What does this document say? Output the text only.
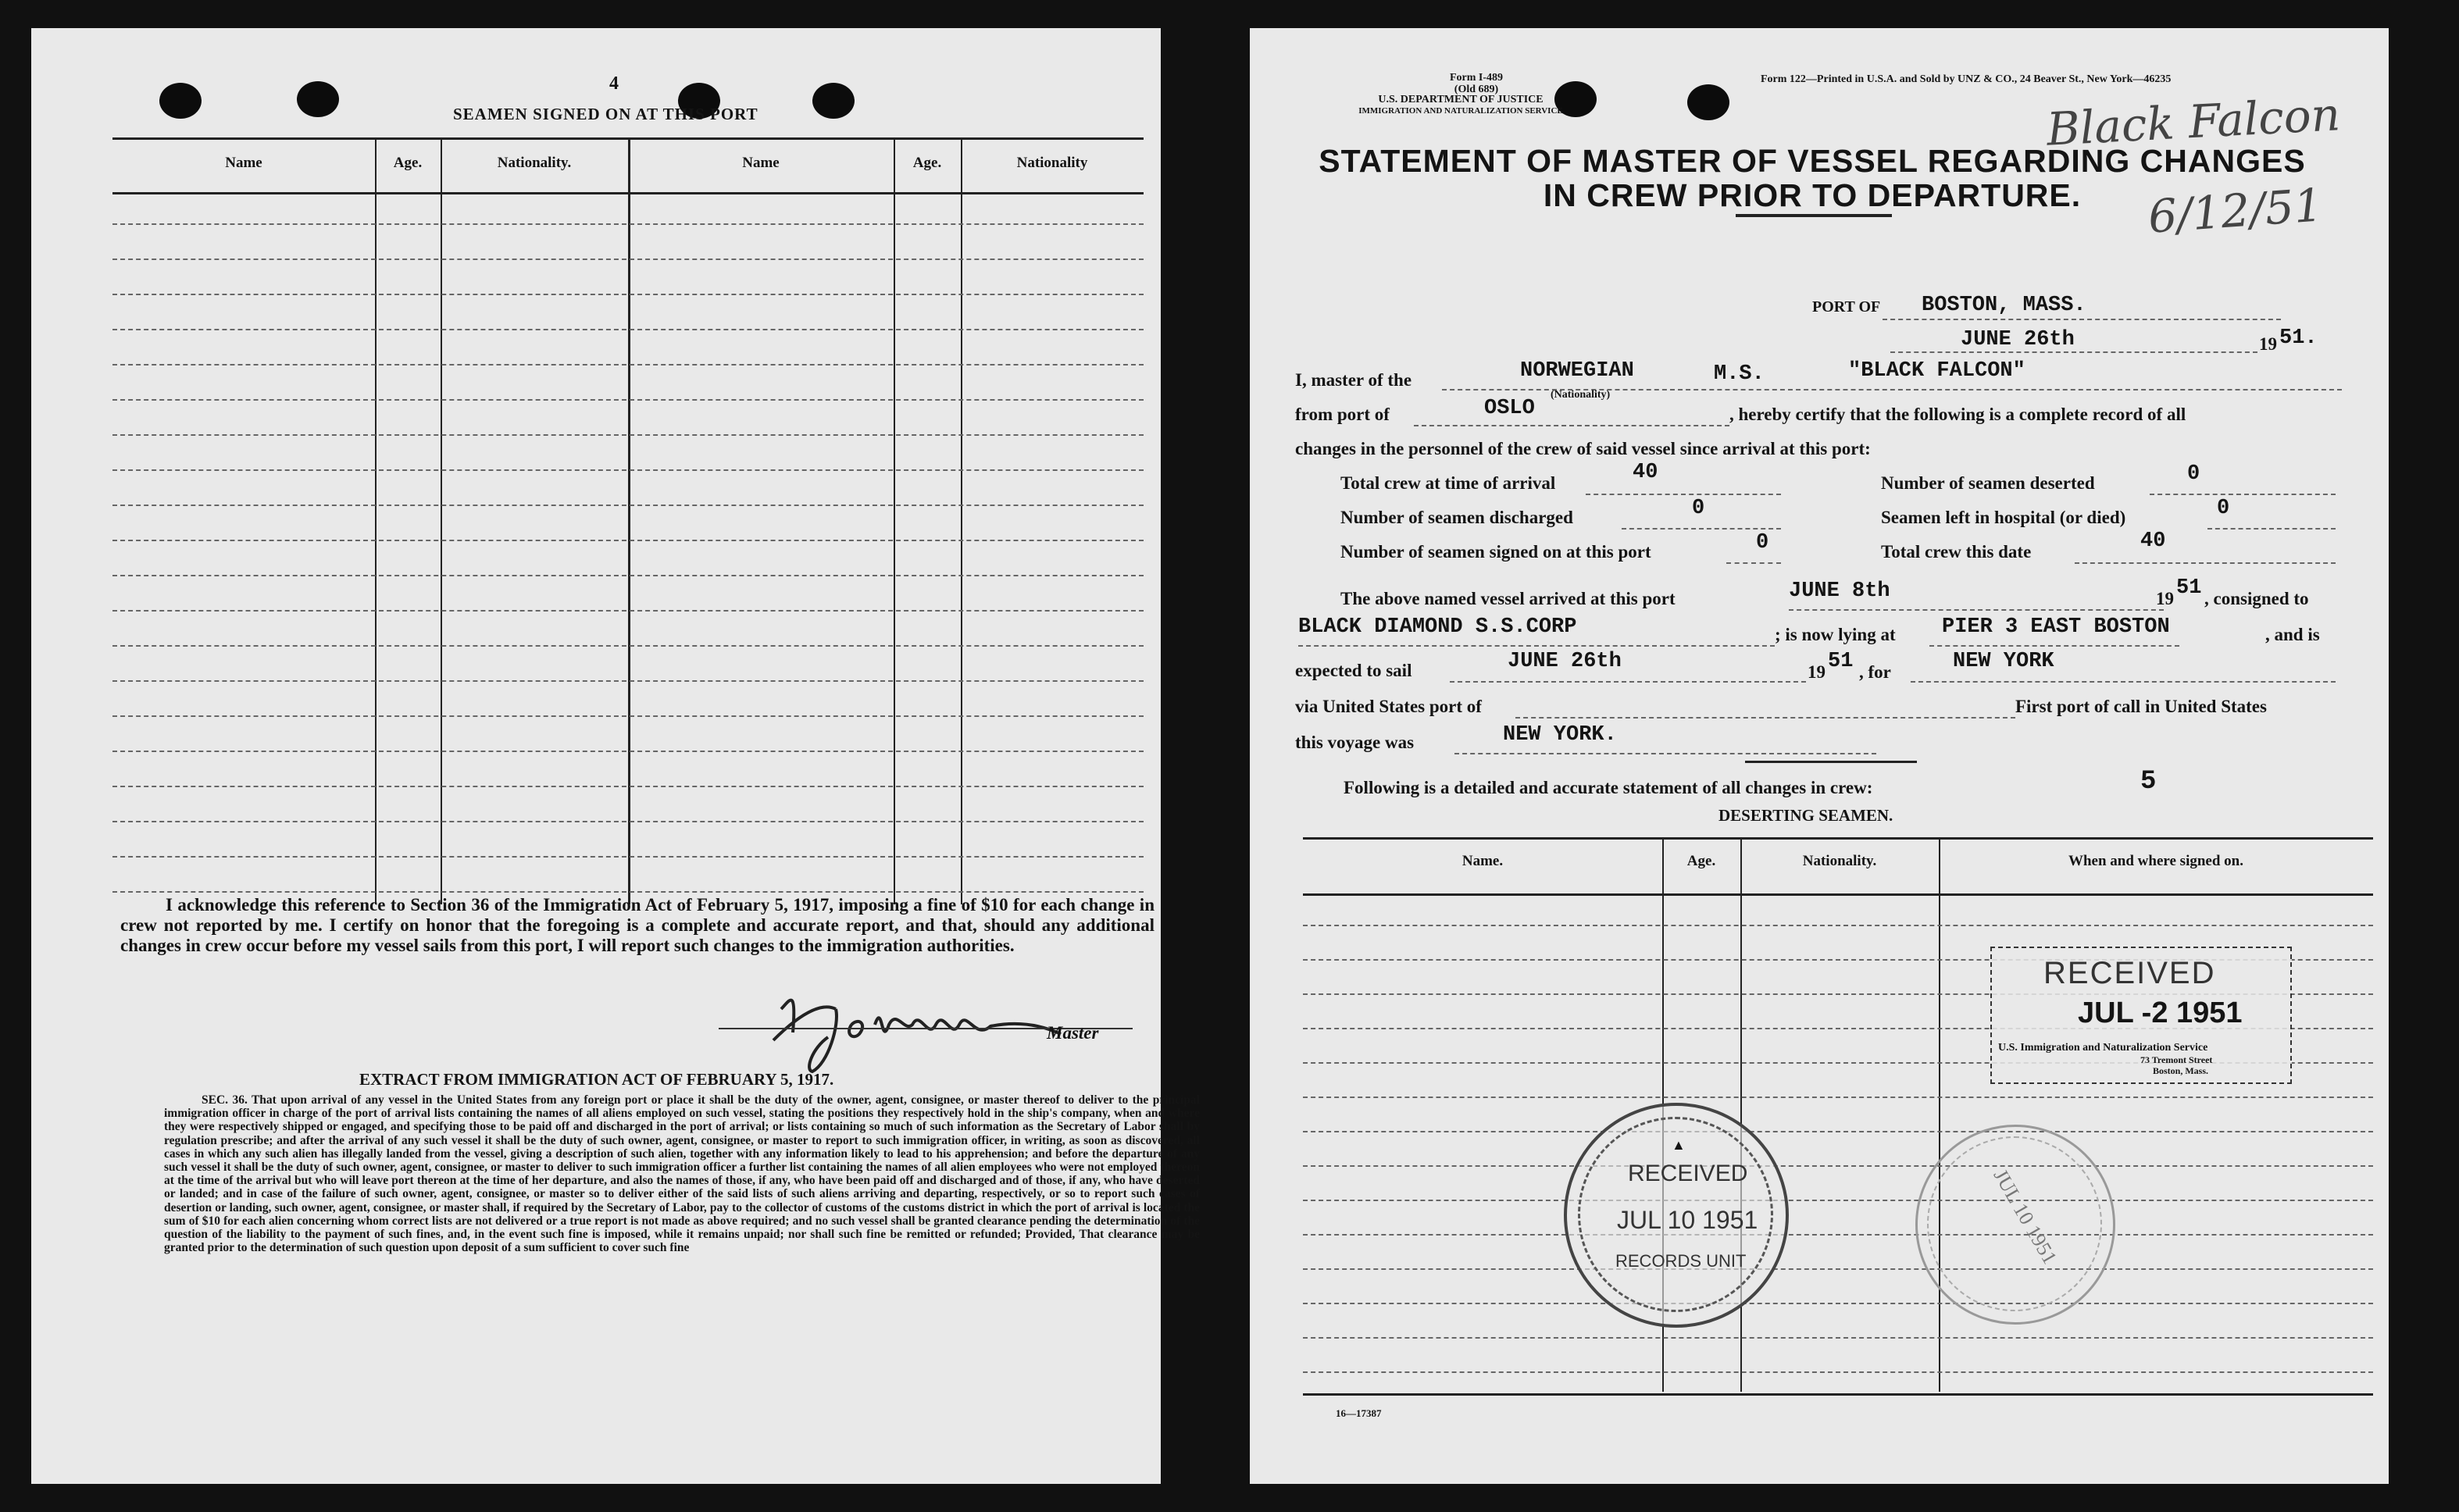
4
SEAMEN SIGNED ON AT THIS PORT
Name	Age.	Nationality.	Name	Age.	Nationality
I acknowledge this reference to Section 36 of the Immigration Act of February 5, 1917, imposing a fine of $10 for each change in crew not reported by me. I certify on honor that the foregoing is a complete and accurate report, and that, should any additional changes in crew occur before my vessel sails from this port, I will report such changes to the immigration authorities.
Master
EXTRACT FROM IMMIGRATION ACT OF FEBRUARY 5, 1917.
SEC. 36. That upon arrival of any vessel in the United States from any foreign port or place it shall be the duty of the owner, agent, consignee, or master thereof to deliver to the principal immigration officer in charge of the port of arrival lists containing the names of all aliens employed on such vessel, stating the positions they respectively hold in the ship's company, when and where they were respectively shipped or engaged, and specifying those to be paid off and discharged in the port of arrival; or lists containing so much of such information as the Secretary of Labor shall by regulation prescribe; and after the arrival of any such vessel it shall be the duty of such owner, agent, consignee, or master to report to such immigration officer, in writing, as soon as discovered, all cases in which any such alien has illegally landed from the vessel, giving a description of such alien, together with any information likely to lead to his apprehension; and before the departure of any such vessel it shall be the duty of such owner, agent, consignee, or master to deliver to such immigration officer a further list containing the names of all alien employees who were not employed thereon at the time of the arrival but who will leave port thereon at the time of her departure, and also the names of those, if any, who have been paid off and discharged and of those, if any, who have deserted or landed; and in case of the failure of such owner, agent, consignee, or master so to deliver either of the said lists of such aliens arriving and departing, respectively, or so to report such cases of desertion or landing, such owner, agent, consignee, or master shall, if required by the Secretary of Labor, pay to the collector of customs of the customs district in which the port of arrival is located the sum of $10 for each alien concerning whom correct lists are not delivered or a true report is not made as above required; and no such vessel shall be granted clearance pending the determination of the question of the liability to the payment of such fines, and, in the event such fine is imposed, while it remains unpaid; nor shall such fine be remitted or refunded; Provided, That clearance may be granted prior to the determination of such question upon deposit of a sum sufficient to cover such fine
Form I-489
(Old 689)
U.S. DEPARTMENT OF JUSTICE
IMMIGRATION AND NATURALIZATION SERVICE
Form 122—Printed in U.S.A. and Sold by UNZ & CO., 24 Beaver St., New York—46235
Black Falcon
6/12/51
STATEMENT OF MASTER OF VESSEL REGARDING CHANGES
IN CREW PRIOR TO DEPARTURE.
PORT OF BOSTON, MASS.
JUNE 26th	19 51.
I, master of the	NORWEGIAN
(Nationality)
M.S.	"BLACK FALCON"
from port of	OSLO	, hereby certify that the following is a complete record of all
changes in the personnel of the crew of said vessel since arrival at this port:
Total crew at time of arrival	40	Number of seamen deserted	0
Number of seamen discharged	0	Seamen left in hospital (or died)	0
Number of seamen signed on at this port	0	Total crew this date	40
The above named vessel arrived at this port	JUNE 8th	19 51 , consigned to
BLACK DIAMOND S.S.CORP	; is now lying at PIER 3 EAST BOSTON	, and is
expected to sail	JUNE 26th	19 51 , for	NEW YORK
via United States port of	First port of call in United States
this voyage was	NEW YORK.
Following is a detailed and accurate statement of all changes in crew:	5
DESERTING SEAMEN.
Name.	Age.	Nationality.	When and where signed on.
RECEIVED
JUL -2 1951
U.S. Immigration and Naturalization Service
73 Tremont Street
Boston, Mass.
▲
RECEIVED
JUL 10 1951
RECORDS UNIT	JUL 10 1951
16—17387
